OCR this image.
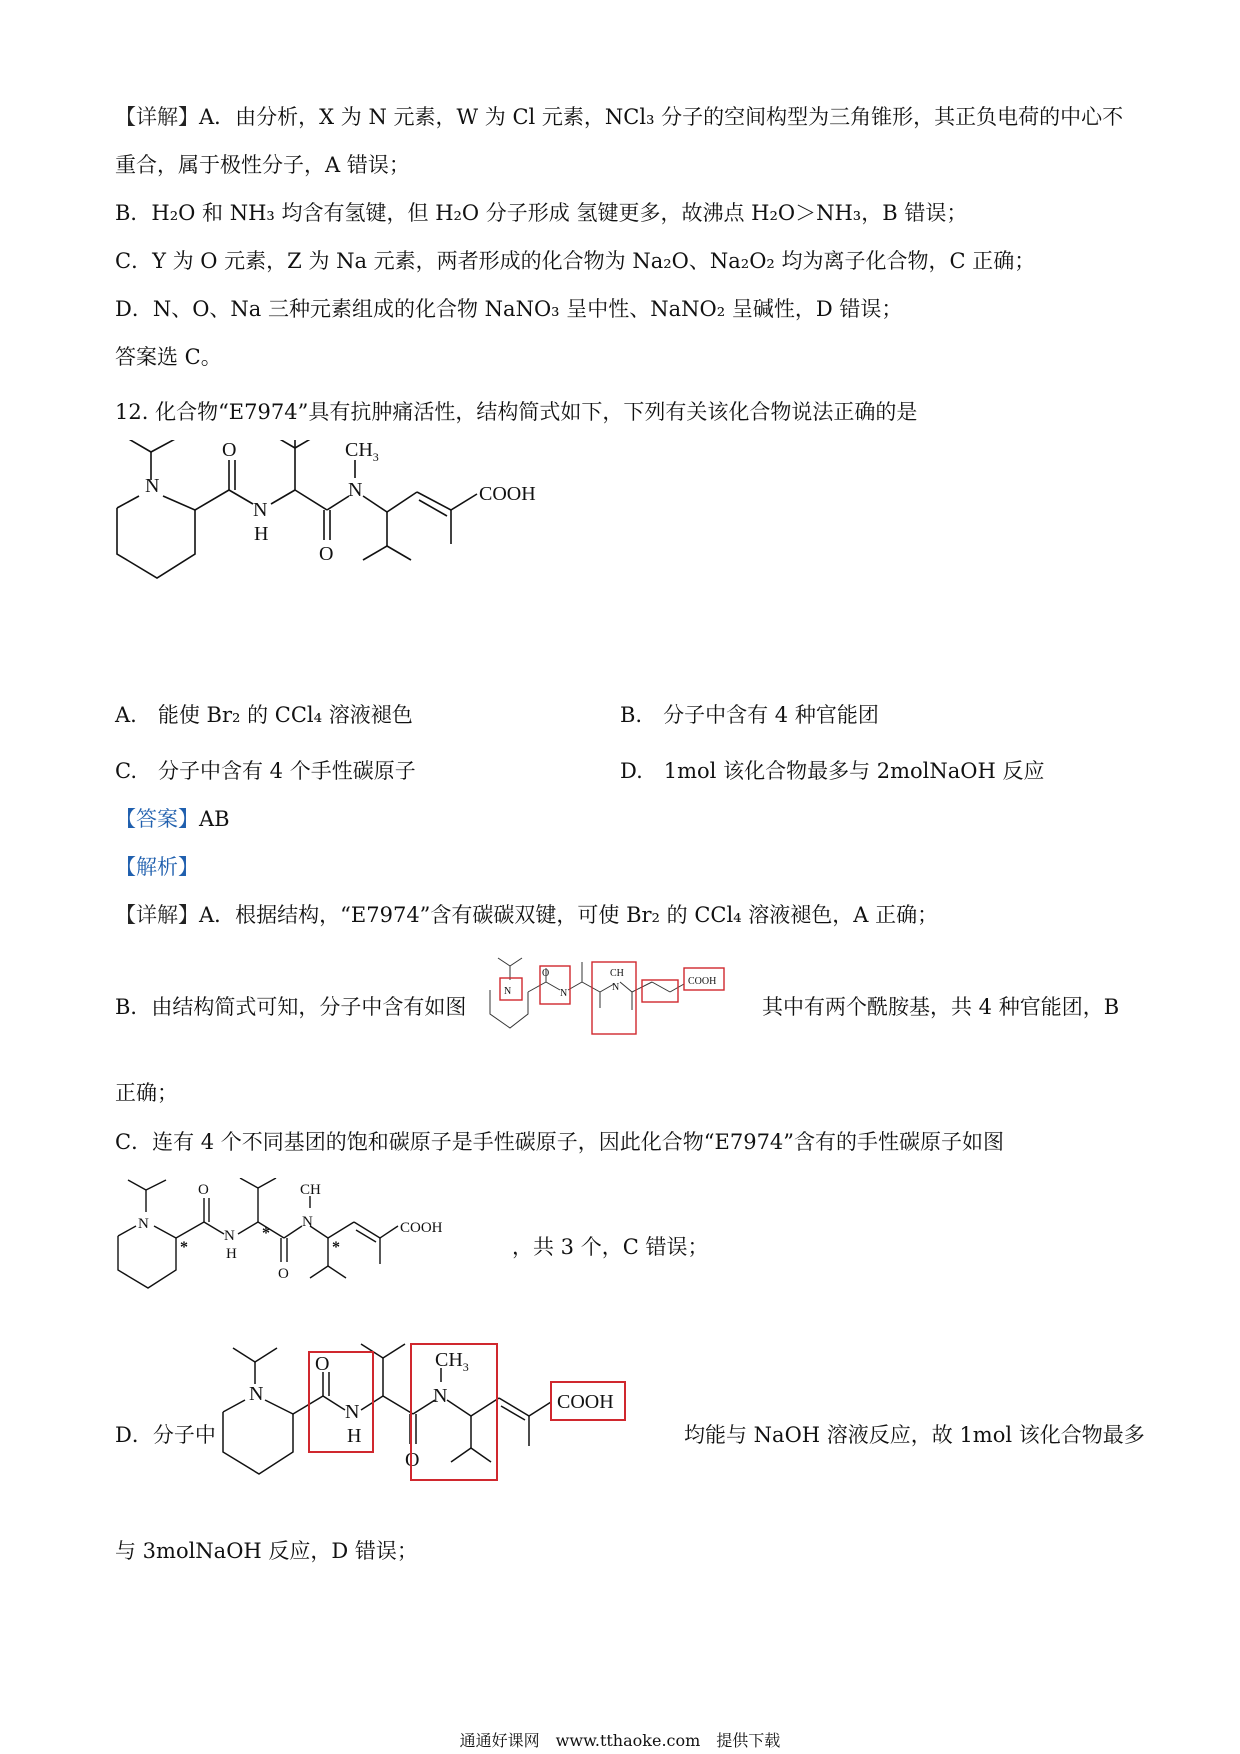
【详解】A．由分析，X 为 N 元素，W 为 Cl 元素，NCl₃ 分子的空间构型为三角锥形，其正负电荷的中心不
重合，属于极性分子，A 错误；
B．H₂O 和 NH₃ 均含有氢键，但 H₂O 分子形成 氢键更多，故沸点 H₂O＞NH₃，B 错误；
C．Y 为 O 元素，Z 为 Na 元素，两者形成的化合物为 Na₂O、Na₂O₂ 均为离子化合物，C 正确；
D．N、O、Na 三种元素组成的化合物 NaNO₃ 呈中性、NaNO₂ 呈碱性，D 错误；
答案选 C。
12. 化合物“E7974”具有抗肿痛活性，结构简式如下，下列有关该化合物说法正确的是
N
O
N
H
O
N
$CH_3$
COOH
A.　能使 Br₂ 的 CCl₄ 溶液褪色	B.　分子中含有 4 种官能团
C.　分子中含有 4 个手性碳原子	D.　1mol 该化合物最多与 2molNaOH 反应
【答案】AB
【解析】
【详解】A．根据结构，“E7974”含有碳碳双键，可使 Br₂ 的 CCl₄ 溶液褪色，A 正确；
B．由结构简式可知，分子中含有如图
N
O
N
CH
N
COOH
其中有两个酰胺基，共 4 种官能团，B
正确；
C．连有 4 个不同基团的饱和碳原子是手性碳原子，因此化合物“E7974”含有的手性碳原子如图
N
O
N
H
O
N
CH
COOH
*
*
*	，共 3 个，C 错误；
D．分子中
N
O
N
H
O
N
$CH_3$
COOH
均能与 NaOH 溶液反应，故 1mol 该化合物最多
与 3molNaOH 反应，D 错误；
通通好课网　www.tthaoke.com　提供下载
